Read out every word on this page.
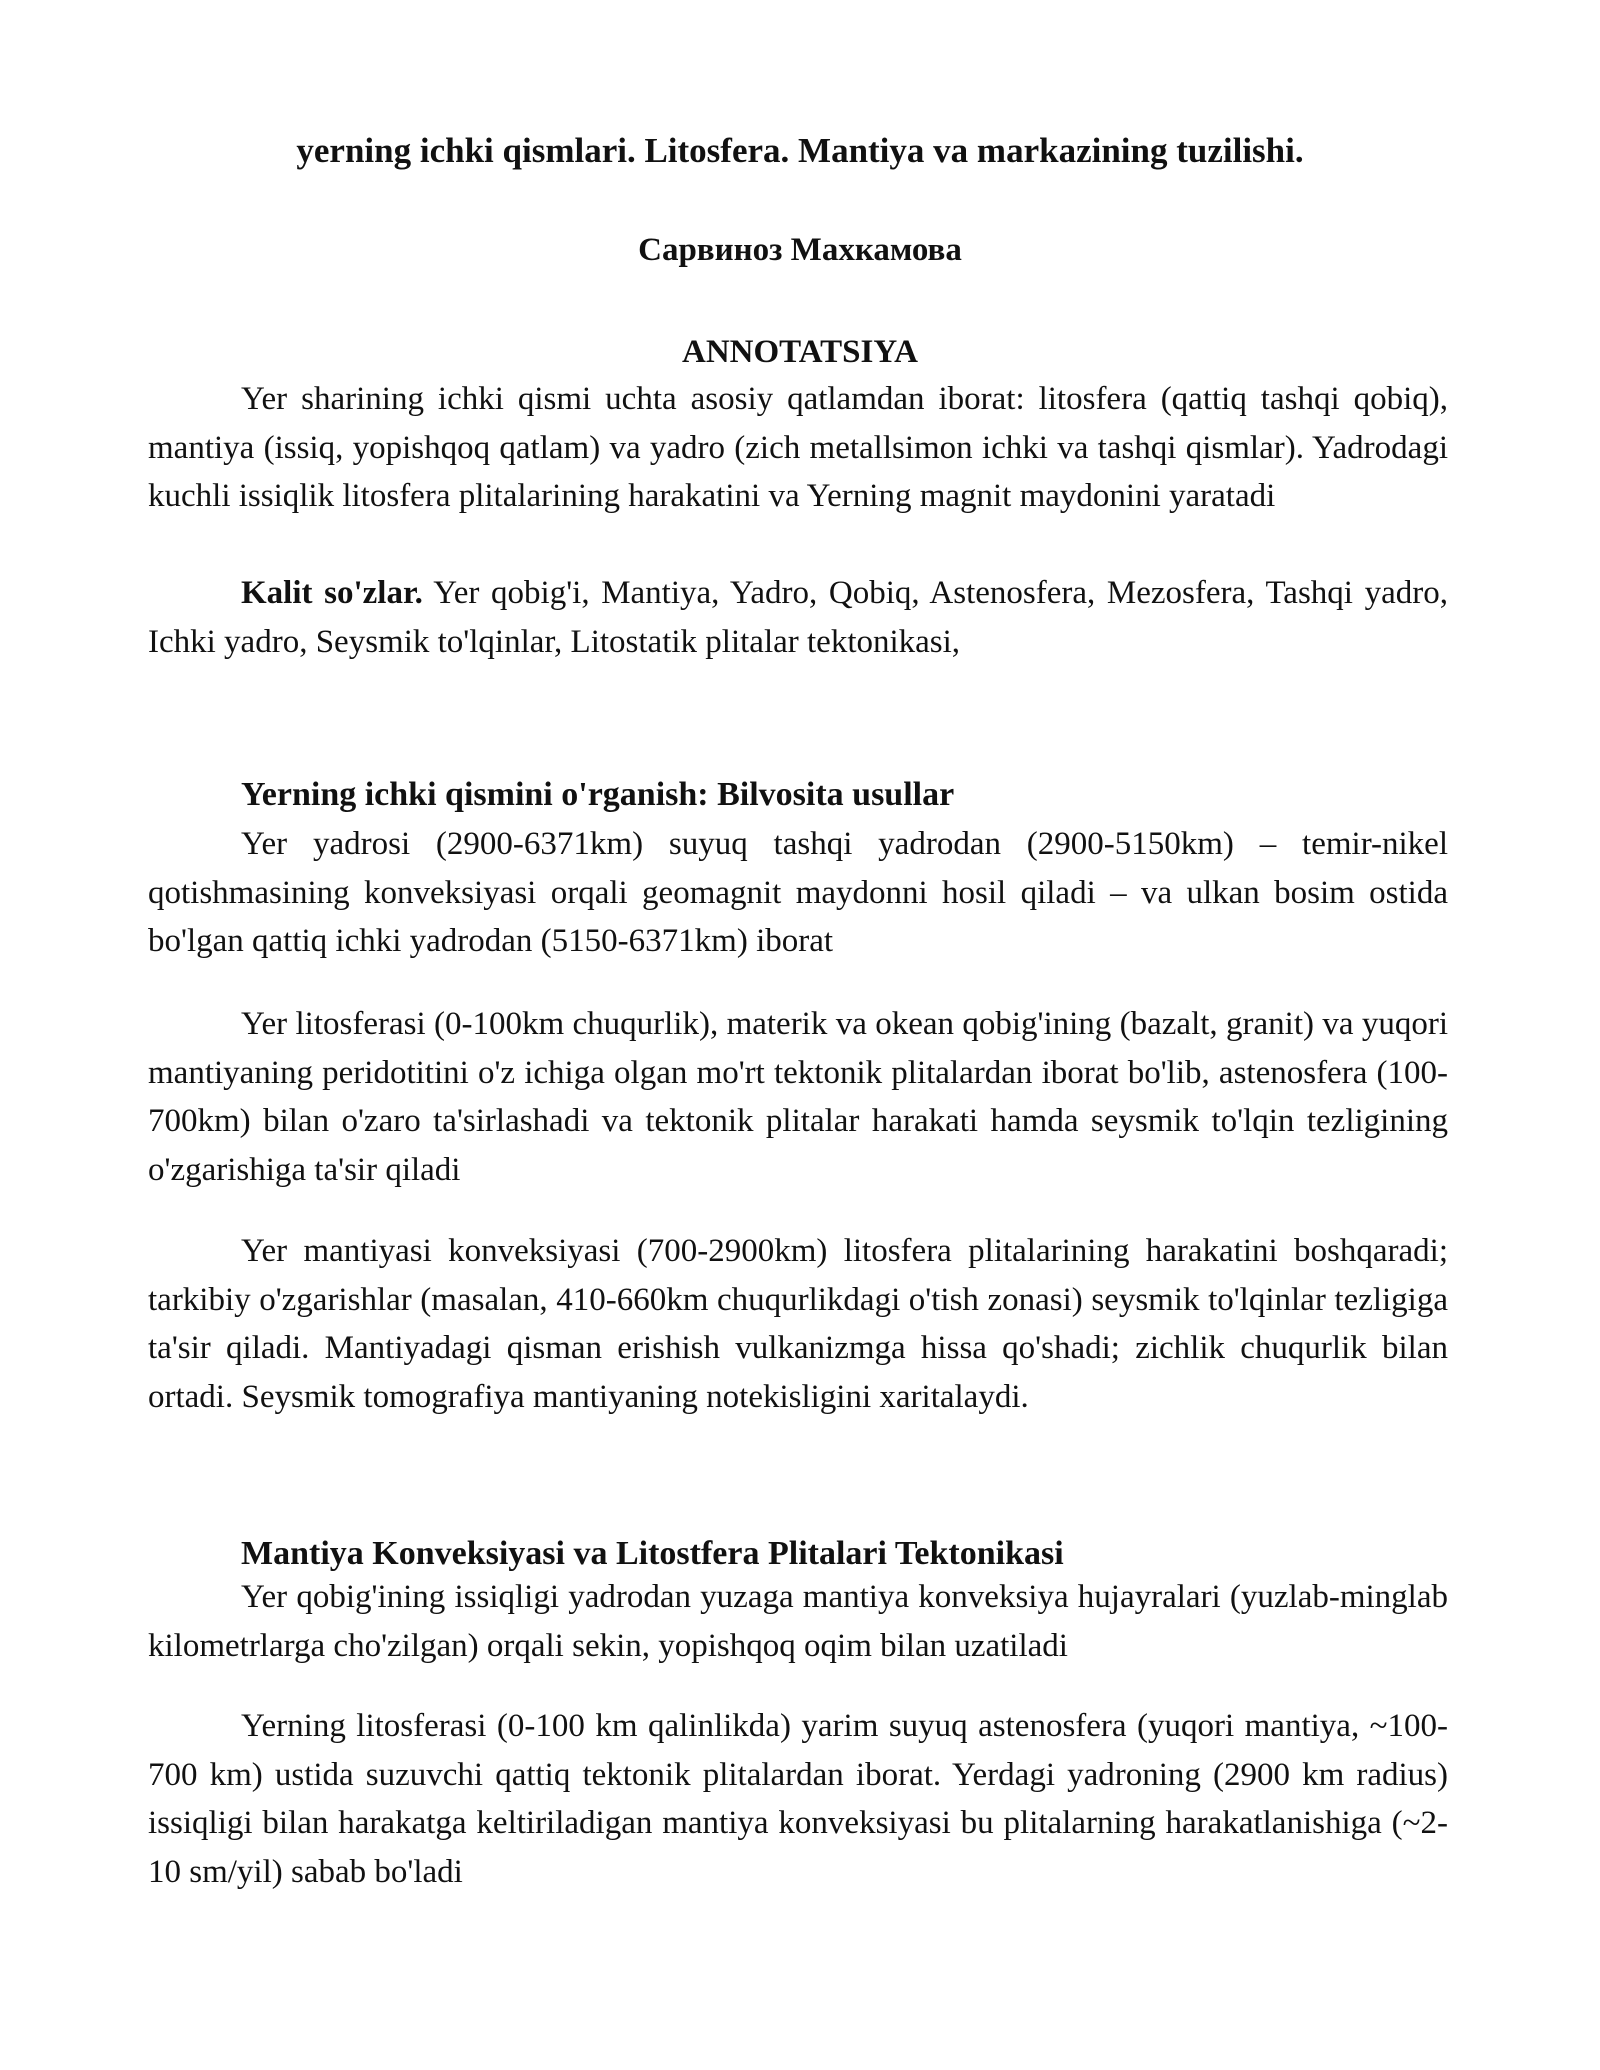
yerning ichki qismlari. Litosfera. Mantiya va markazining tuzilishi.
Сарвиноз Махкамова
ANNOTATSIYA

Yer sharining ichki qismi uchta asosiy qatlamdan iborat: litosfera (qattiq tashqi qobiq), mantiya (issiq, yopishqoq qatlam) va yadro (zich metallsimon ichki va tashqi qismlar). Yadrodagi kuchli issiqlik litosfera plitalarining harakatini va Yerning magnit maydonini yaratadi

Kalit so'zlar. Yer qobig'i, Mantiya, Yadro, Qobiq, Astenosfera, Mezosfera, Tashqi yadro, Ichki yadro, Seysmik to'lqinlar, Litostatik plitalar tektonikasi,

Yerning ichki qismini o'rganish: Bilvosita usullar

Yer yadrosi (2900-6371km) suyuq tashqi yadrodan (2900-5150km) – temir-nikel qotishmasining konveksiyasi orqali geomagnit maydonni hosil qiladi – va ulkan bosim ostida bo'lgan qattiq ichki yadrodan (5150-6371km) iborat

Yer litosferasi (0-100km chuqurlik), materik va okean qobig'ining (bazalt, granit) va yuqori mantiyaning peridotitini o'z ichiga olgan mo'rt tektonik plitalardan iborat bo'lib, astenosfera (100-700km) bilan o'zaro ta'sirlashadi va tektonik plitalar harakati hamda seysmik to'lqin tezligining o'zgarishiga ta'sir qiladi

Yer mantiyasi konveksiyasi (700-2900km) litosfera plitalarining harakatini boshqaradi; tarkibiy o'zgarishlar (masalan, 410-660km chuqurlikdagi o'tish zonasi) seysmik to'lqinlar tezligiga ta'sir qiladi. Mantiyadagi qisman erishish vulkanizmga hissa qo'shadi; zichlik chuqurlik bilan ortadi. Seysmik tomografiya mantiyaning notekisligini xaritalaydi.

Mantiya Konveksiyasi va Litostfera Plitalari Tektonikasi

Yer qobig'ining issiqligi yadrodan yuzaga mantiya konveksiya hujayralari (yuzlab-minglab kilometrlarga cho'zilgan) orqali sekin, yopishqoq oqim bilan uzatiladi

Yerning litosferasi (0-100 km qalinlikda) yarim suyuq astenosfera (yuqori mantiya, ~100-700 km) ustida suzuvchi qattiq tektonik plitalardan iborat. Yerdagi yadroning (2900 km radius) issiqligi bilan harakatga keltiriladigan mantiya konveksiyasi bu plitalarning harakatlanishiga (~2-10 sm/yil) sabab bo'ladi
